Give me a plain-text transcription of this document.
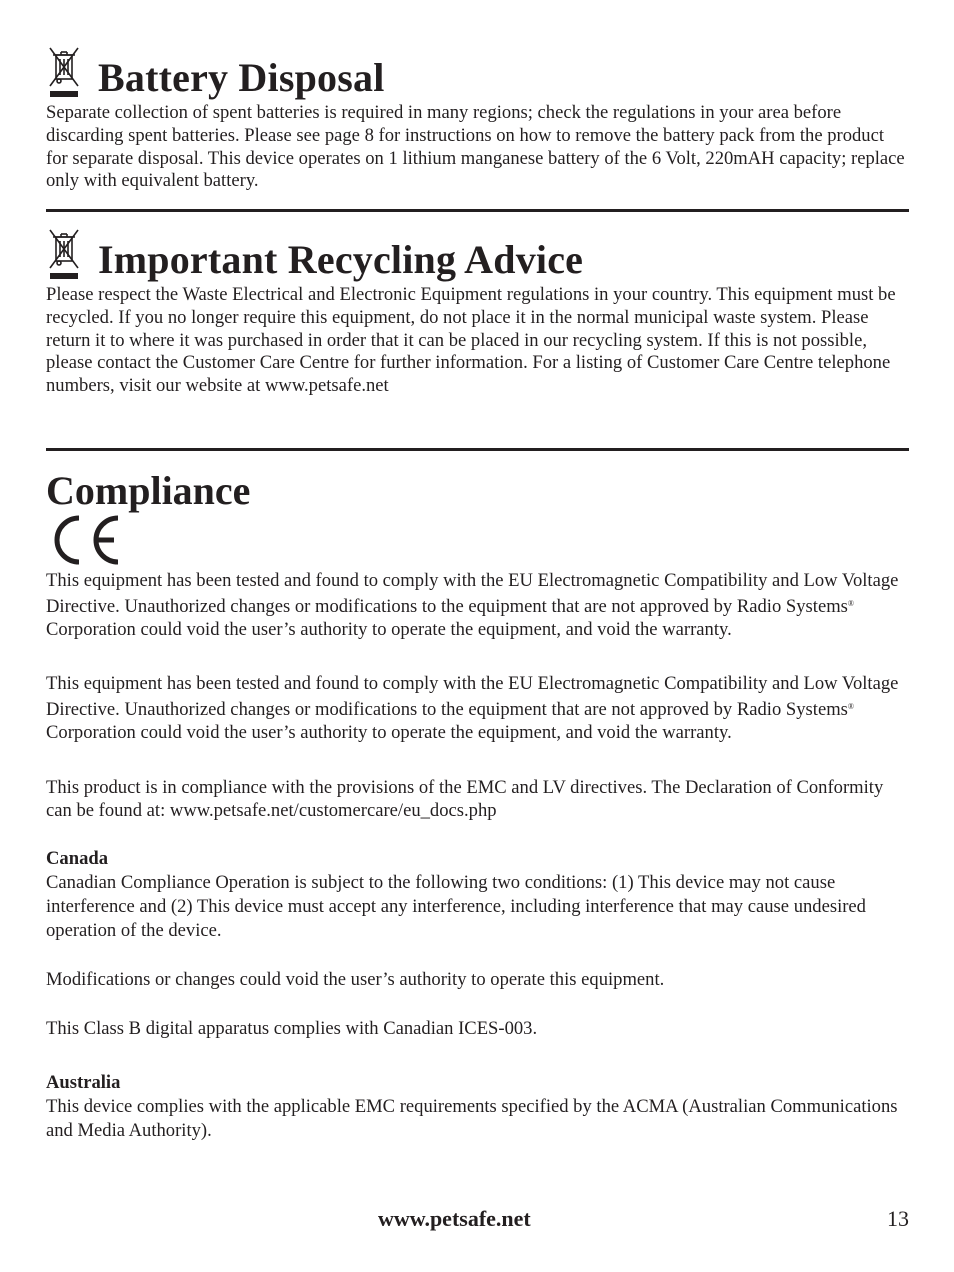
Battery Disposal

Separate collection of spent batteries is required in many regions; check the regulations in your area before discarding spent batteries. Please see page 8 for instructions on how to remove the battery pack from the product for separate disposal. This device operates on 1 lithium manganese battery of the 6 Volt, 220mAH capacity; replace only with equivalent battery.

Important Recycling Advice

Please respect the Waste Electrical and Electronic Equipment regulations in your country. This equipment must be recycled. If you no longer require this equipment, do not place it in the normal municipal waste system. Please return it to where it was purchased in order that it can be placed in our recycling system. If this is not possible, please contact the Customer Care Centre for further information. For a listing of Customer Care Centre telephone numbers, visit our website at www.petsafe.net

Compliance

This equipment has been tested and found to comply with the EU Electromagnetic Compatibility and Low Voltage Directive. Unauthorized changes or modifications to the equipment that are not approved by Radio Systems® Corporation could void the user’s authority to operate the equipment, and void the warranty.

This equipment has been tested and found to comply with the EU Electromagnetic Compatibility and Low Voltage Directive. Unauthorized changes or modifications to the equipment that are not approved by Radio Systems® Corporation could void the user’s authority to operate the equipment, and void the warranty.

This product is in compliance with the provisions of the EMC and LV directives. The Declaration of Conformity can be found at: www.petsafe.net/customercare/eu_docs.php

Canada

Canadian Compliance Operation is subject to the following two conditions: (1) This device may not cause interference and (2) This device must accept any interference, including interference that may cause undesired operation of the device.

Modifications or changes could void the user’s authority to operate this equipment.

This Class B digital apparatus complies with Canadian ICES-003.

Australia

This device complies with the applicable EMC requirements specified by the ACMA (Australian Communications and Media Authority).

www.petsafe.net	13
